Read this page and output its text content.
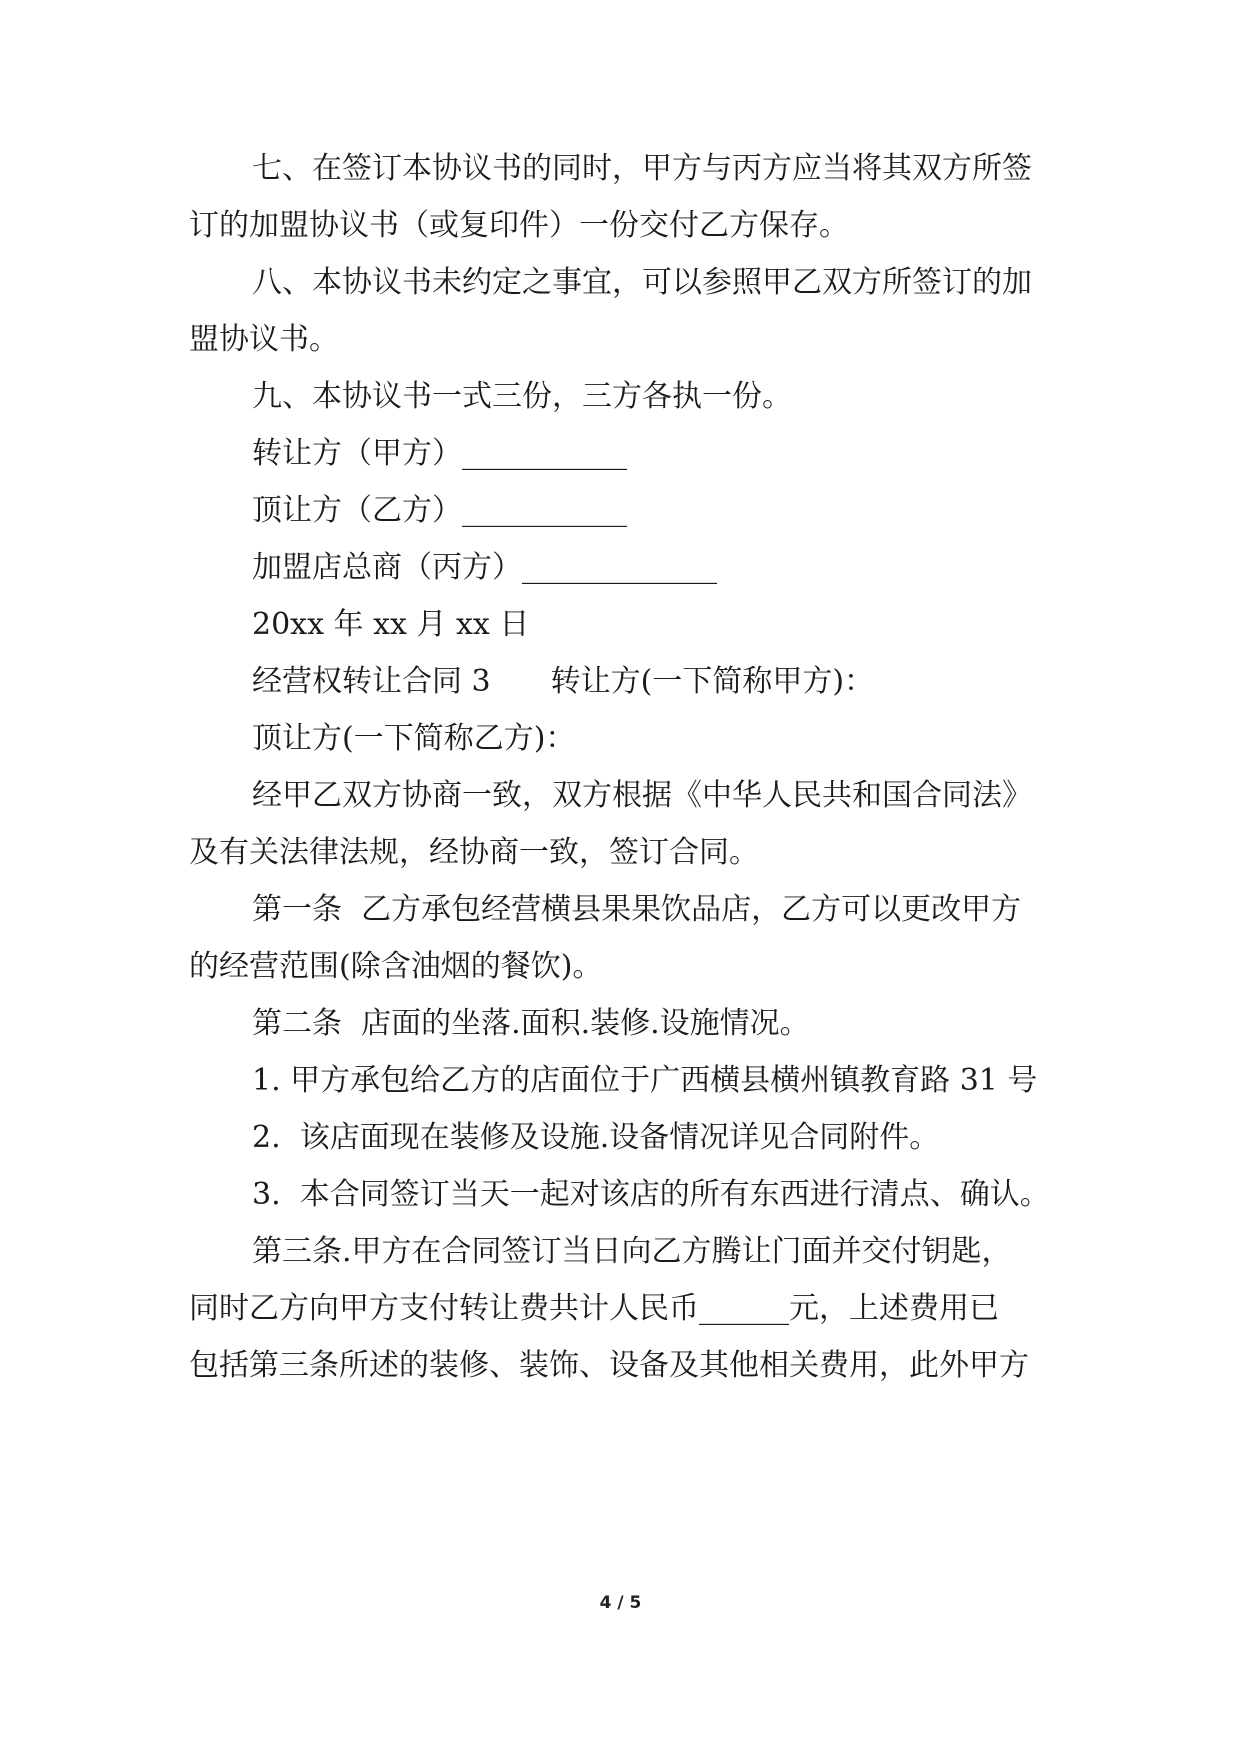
七、在签订本协议书的同时，甲方与丙方应当将其双方所签

订的加盟协议书（或复印件）一份交付乙方保存。

八、本协议书未约定之事宜，可以参照甲乙双方所签订的加

盟协议书。

九、本协议书一式三份，三方各执一份。

转让方（甲方）___________

顶让方（乙方）___________

加盟店总商（丙方）_____________

20xx 年 xx 月 xx 日

经营权转让合同 3　　转让方(一下简称甲方)：

顶让方(一下简称乙方)：

经甲乙双方协商一致，双方根据《中华人民共和国合同法》

及有关法律法规，经协商一致，签订合同。

第一条  乙方承包经营横县果果饮品店，乙方可以更改甲方

的经营范围(除含油烟的餐饮)。

第二条  店面的坐落.面积.装修.设施情况。

1. 甲方承包给乙方的店面位于广西横县横州镇教育路 31 号

2.  该店面现在装修及设施.设备情况详见合同附件。

3.  本合同签订当天一起对该店的所有东西进行清点、确认。

第三条.甲方在合同签订当日向乙方腾让门面并交付钥匙，

同时乙方向甲方支付转让费共计人民币______元，上述费用已

包括第三条所述的装修、装饰、设备及其他相关费用，此外甲方

4 / 5
